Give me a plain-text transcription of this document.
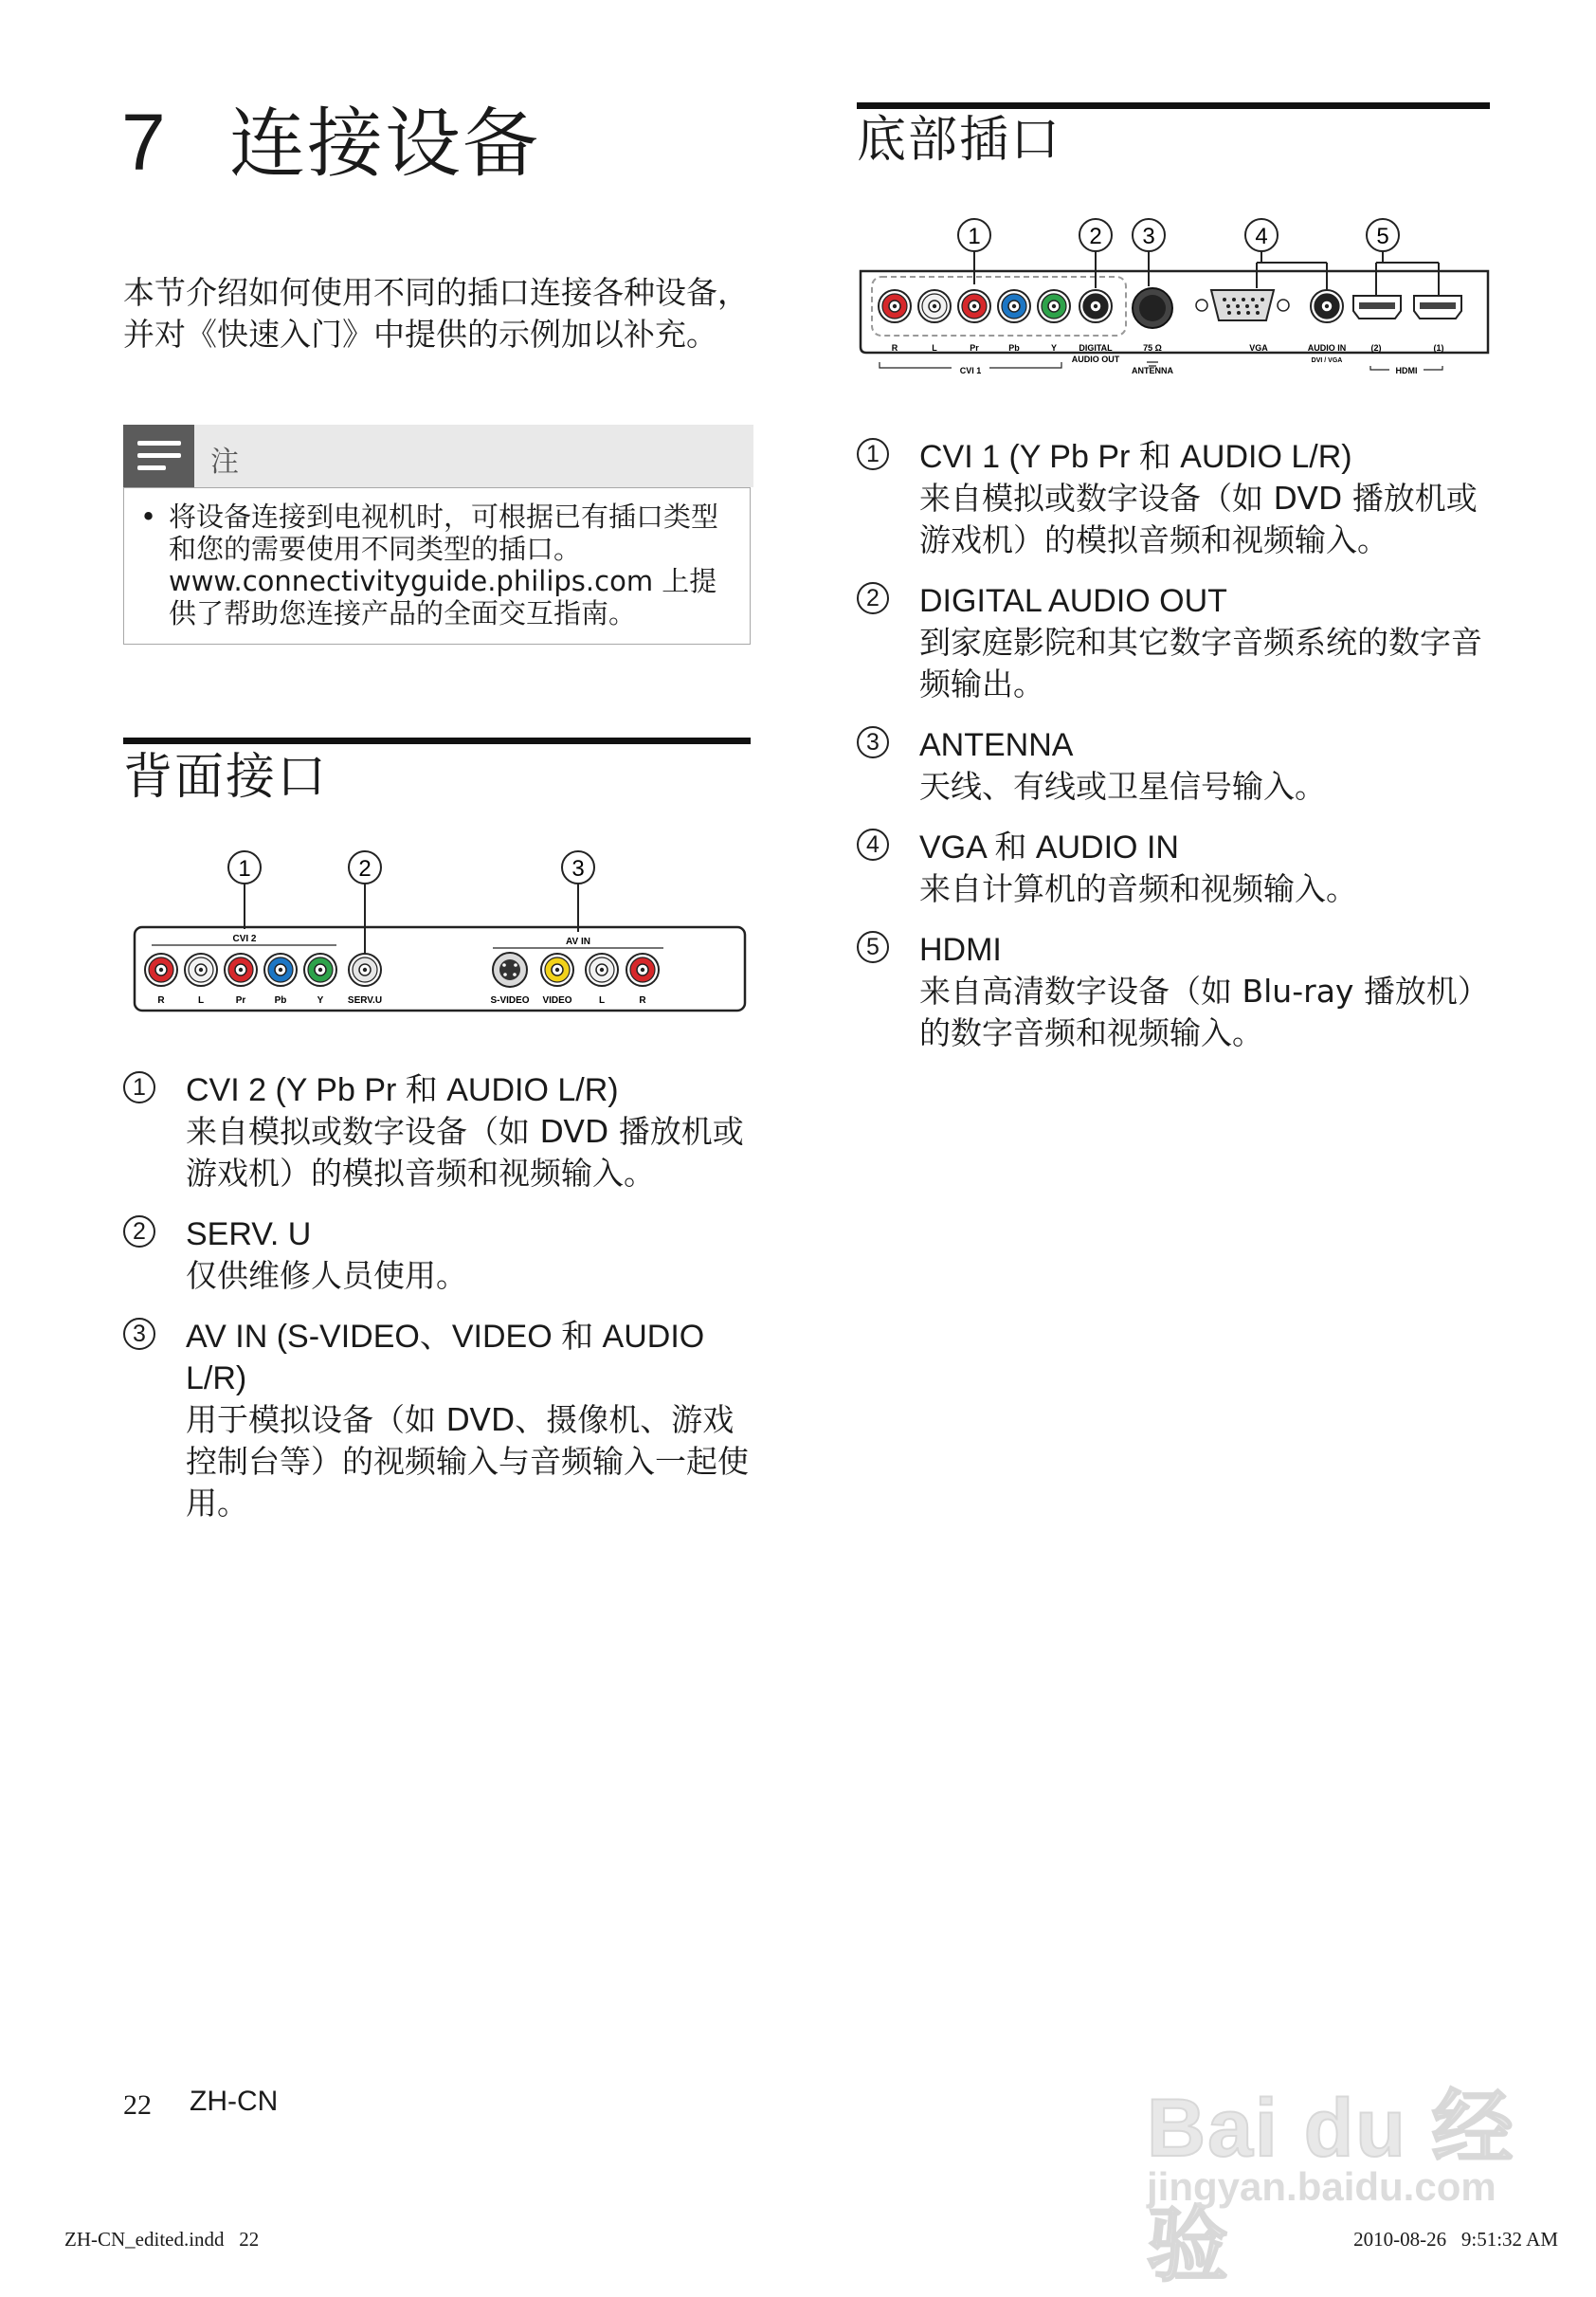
7 连接设备
本节介绍如何使用不同的插口连接各种设备，并对《快速入门》中提供的示例加以补充。
注
• 将设备连接到电视机时，可根据已有插口类型和您的需要使用不同类型的插口。 www.connectivityguide.philips.com 上提供了帮助您连接产品的全面交互指南。
背面接口
1	2	3
CVI 2	AV IN
R	L	Pr	Pb	Y	SERV.U	S-VIDEO VIDEO	L	R
1 CVI 2 (Y Pb Pr 和 AUDIO L/R)
来自模拟或数字设备（如 DVD 播放机或游戏机）的模拟音频和视频输入。
2 SERV. U
仅供维修人员使用。
3 AV IN (S-VIDEO、VIDEO 和 AUDIO L/R)
用于模拟设备（如 DVD、摄像机、游戏控制台等）的视频输入与音频输入一起使用。
底部插口
1	2 3	4	5
R	L	Pr	Pb	Y	DIGITAL
AUDIO OUT
75 Ω
ANTENNA
VGA	AUDIO IN
DVI / VGA
(2)	(1)
CVI 1	HDMI
1 CVI 1 (Y Pb Pr 和 AUDIO L/R)
来自模拟或数字设备（如 DVD 播放机或游戏机）的模拟音频和视频输入。
2 DIGITAL AUDIO OUT
到家庭影院和其它数字音频系统的数字音频输出。
3 ANTENNA
天线、有线或卫星信号输入。
4 VGA 和 AUDIO IN
来自计算机的音频和视频输入。
5 HDMI
来自高清数字设备（如 Blu-ray 播放机）的数字音频和视频输入。
22 ZH-CN
ZH-CN_edited.indd   22	2010-08-26   9:51:32 AM
Bai du 经验
jingyan.baidu.com
